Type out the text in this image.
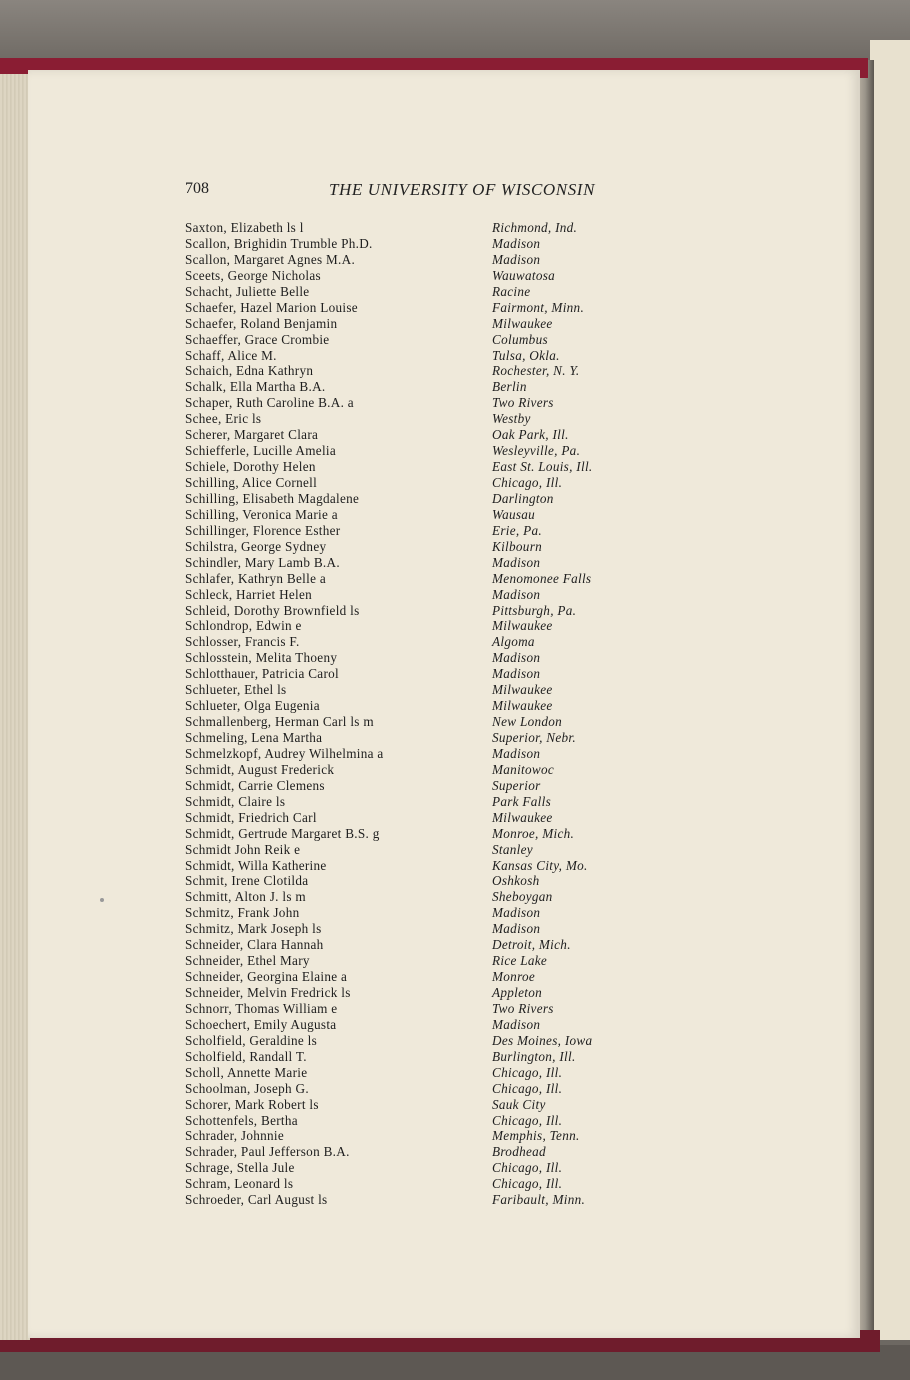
708	THE UNIVERSITY OF WISCONSIN
Saxton, Elizabeth ls l	Richmond, Ind.
Scallon, Brighidin Trumble Ph.D.	Madison
Scallon, Margaret Agnes M.A.	Madison
Sceets, George Nicholas	Wauwatosa
Schacht, Juliette Belle	Racine
Schaefer, Hazel Marion Louise	Fairmont, Minn.
Schaefer, Roland Benjamin	Milwaukee
Schaeffer, Grace Crombie	Columbus
Schaff, Alice M.	Tulsa, Okla.
Schaich, Edna Kathryn	Rochester, N. Y.
Schalk, Ella Martha B.A.	Berlin
Schaper, Ruth Caroline B.A. a	Two Rivers
Schee, Eric ls	Westby
Scherer, Margaret Clara	Oak Park, Ill.
Schiefferle, Lucille Amelia	Wesleyville, Pa.
Schiele, Dorothy Helen	East St. Louis, Ill.
Schilling, Alice Cornell	Chicago, Ill.
Schilling, Elisabeth Magdalene	Darlington
Schilling, Veronica Marie a	Wausau
Schillinger, Florence Esther	Erie, Pa.
Schilstra, George Sydney	Kilbourn
Schindler, Mary Lamb B.A.	Madison
Schlafer, Kathryn Belle a	Menomonee Falls
Schleck, Harriet Helen	Madison
Schleid, Dorothy Brownfield ls	Pittsburgh, Pa.
Schlondrop, Edwin e	Milwaukee
Schlosser, Francis F.	Algoma
Schlosstein, Melita Thoeny	Madison
Schlotthauer, Patricia Carol	Madison
Schlueter, Ethel ls	Milwaukee
Schlueter, Olga Eugenia	Milwaukee
Schmallenberg, Herman Carl ls m	New London
Schmeling, Lena Martha	Superior, Nebr.
Schmelzkopf, Audrey Wilhelmina a	Madison
Schmidt, August Frederick	Manitowoc
Schmidt, Carrie Clemens	Superior
Schmidt, Claire ls	Park Falls
Schmidt, Friedrich Carl	Milwaukee
Schmidt, Gertrude Margaret B.S. g	Monroe, Mich.
Schmidt John Reik e	Stanley
Schmidt, Willa Katherine	Kansas City, Mo.
Schmit, Irene Clotilda	Oshkosh
Schmitt, Alton J. ls m	Sheboygan
Schmitz, Frank John	Madison
Schmitz, Mark Joseph ls	Madison
Schneider, Clara Hannah	Detroit, Mich.
Schneider, Ethel Mary	Rice Lake
Schneider, Georgina Elaine a	Monroe
Schneider, Melvin Fredrick ls	Appleton
Schnorr, Thomas William e	Two Rivers
Schoechert, Emily Augusta	Madison
Scholfield, Geraldine ls	Des Moines, Iowa
Scholfield, Randall T.	Burlington, Ill.
Scholl, Annette Marie	Chicago, Ill.
Schoolman, Joseph G.	Chicago, Ill.
Schorer, Mark Robert ls	Sauk City
Schottenfels, Bertha	Chicago, Ill.
Schrader, Johnnie	Memphis, Tenn.
Schrader, Paul Jefferson B.A.	Brodhead
Schrage, Stella Jule	Chicago, Ill.
Schram, Leonard ls	Chicago, Ill.
Schroeder, Carl August ls	Faribault, Minn.
